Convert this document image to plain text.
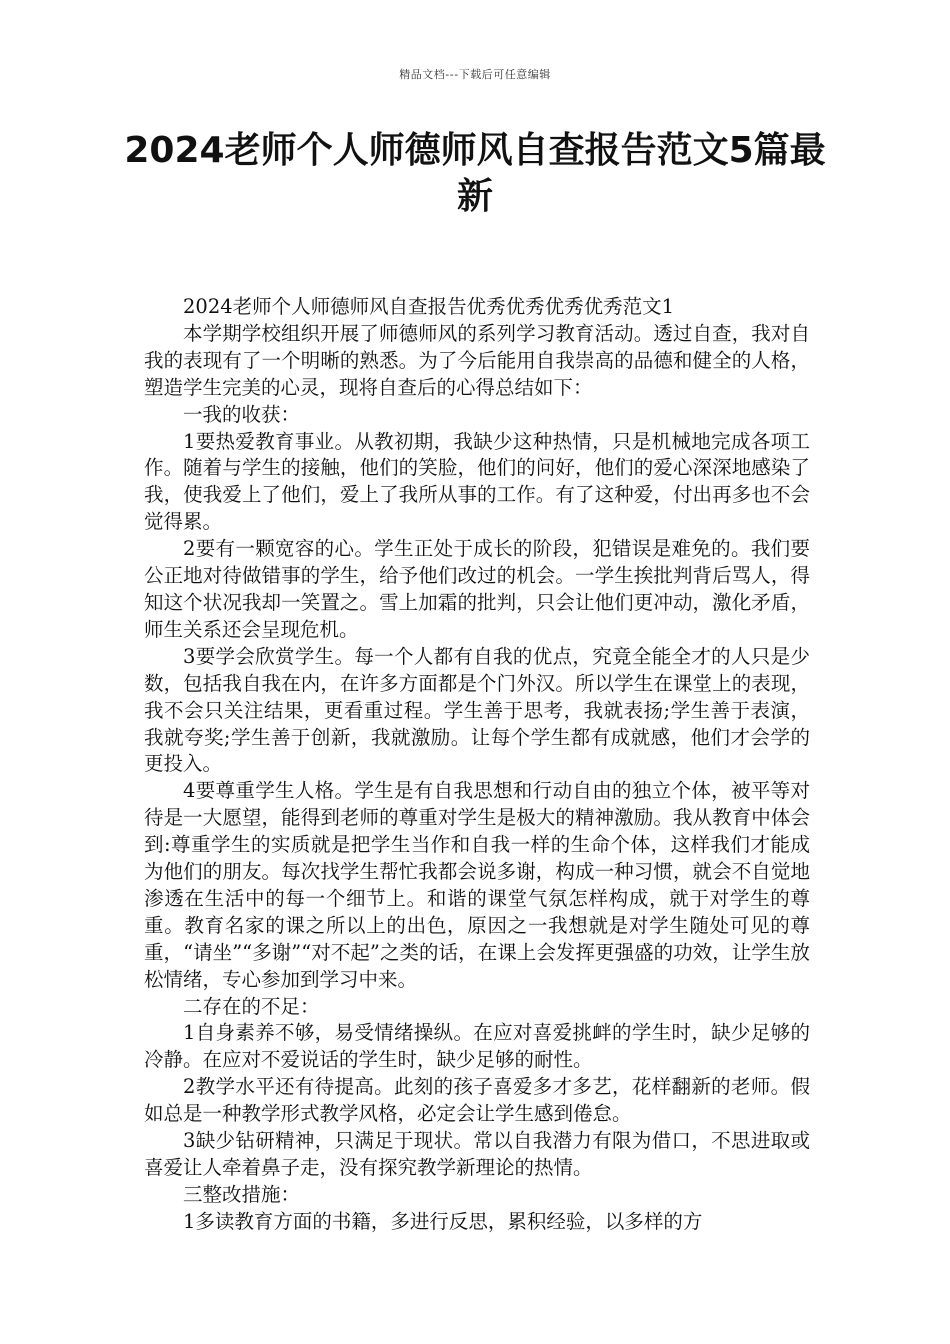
精品文档---下载后可任意编辑
2024老师个人师德师风自查报告范文5篇最新

2024老师个人师德师风自查报告优秀优秀优秀优秀范文1

本学期学校组织开展了师德师风的系列学习教育活动。透过自查，我对自我的表现有了一个明晰的熟悉。为了今后能用自我崇高的品德和健全的人格，塑造学生完美的心灵，现将自查后的心得总结如下：

一我的收获：

1要热爱教育事业。从教初期，我缺少这种热情，只是机械地完成各项工作。随着与学生的接触，他们的笑脸，他们的问好，他们的爱心深深地感染了我，使我爱上了他们，爱上了我所从事的工作。有了这种爱，付出再多也不会觉得累。

2要有一颗宽容的心。学生正处于成长的阶段，犯错误是难免的。我们要公正地对待做错事的学生，给予他们改过的机会。一学生挨批判背后骂人，得知这个状况我却一笑置之。雪上加霜的批判，只会让他们更冲动，激化矛盾，师生关系还会呈现危机。

3要学会欣赏学生。每一个人都有自我的优点，究竟全能全才的人只是少数，包括我自我在内，在许多方面都是个门外汉。所以学生在课堂上的表现，我不会只关注结果，更看重过程。学生善于思考，我就表扬;学生善于表演，我就夸奖;学生善于创新，我就激励。让每个学生都有成就感，他们才会学的更投入。

4要尊重学生人格。学生是有自我思想和行动自由的独立个体，被平等对待是一大愿望，能得到老师的尊重对学生是极大的精神激励。我从教育中体会到:尊重学生的实质就是把学生当作和自我一样的生命个体，这样我们才能成为他们的朋友。每次找学生帮忙我都会说多谢，构成一种习惯，就会不自觉地渗透在生活中的每一个细节上。和谐的课堂气氛怎样构成，就于对学生的尊重。教育名家的课之所以上的出色，原因之一我想就是对学生随处可见的尊重，“请坐”“多谢”“对不起”之类的话，在课上会发挥更强盛的功效，让学生放松情绪，专心参加到学习中来。

二存在的不足：

1自身素养不够，易受情绪操纵。在应对喜爱挑衅的学生时，缺少足够的冷静。在应对不爱说话的学生时，缺少足够的耐性。

2教学水平还有待提高。此刻的孩子喜爱多才多艺，花样翻新的老师。假如总是一种教学形式教学风格，必定会让学生感到倦怠。

3缺少钻研精神，只满足于现状。常以自我潜力有限为借口，不思进取或喜爱让人牵着鼻子走，没有探究教学新理论的热情。

三整改措施：

1多读教育方面的书籍，多进行反思，累积经验，以多样的方
